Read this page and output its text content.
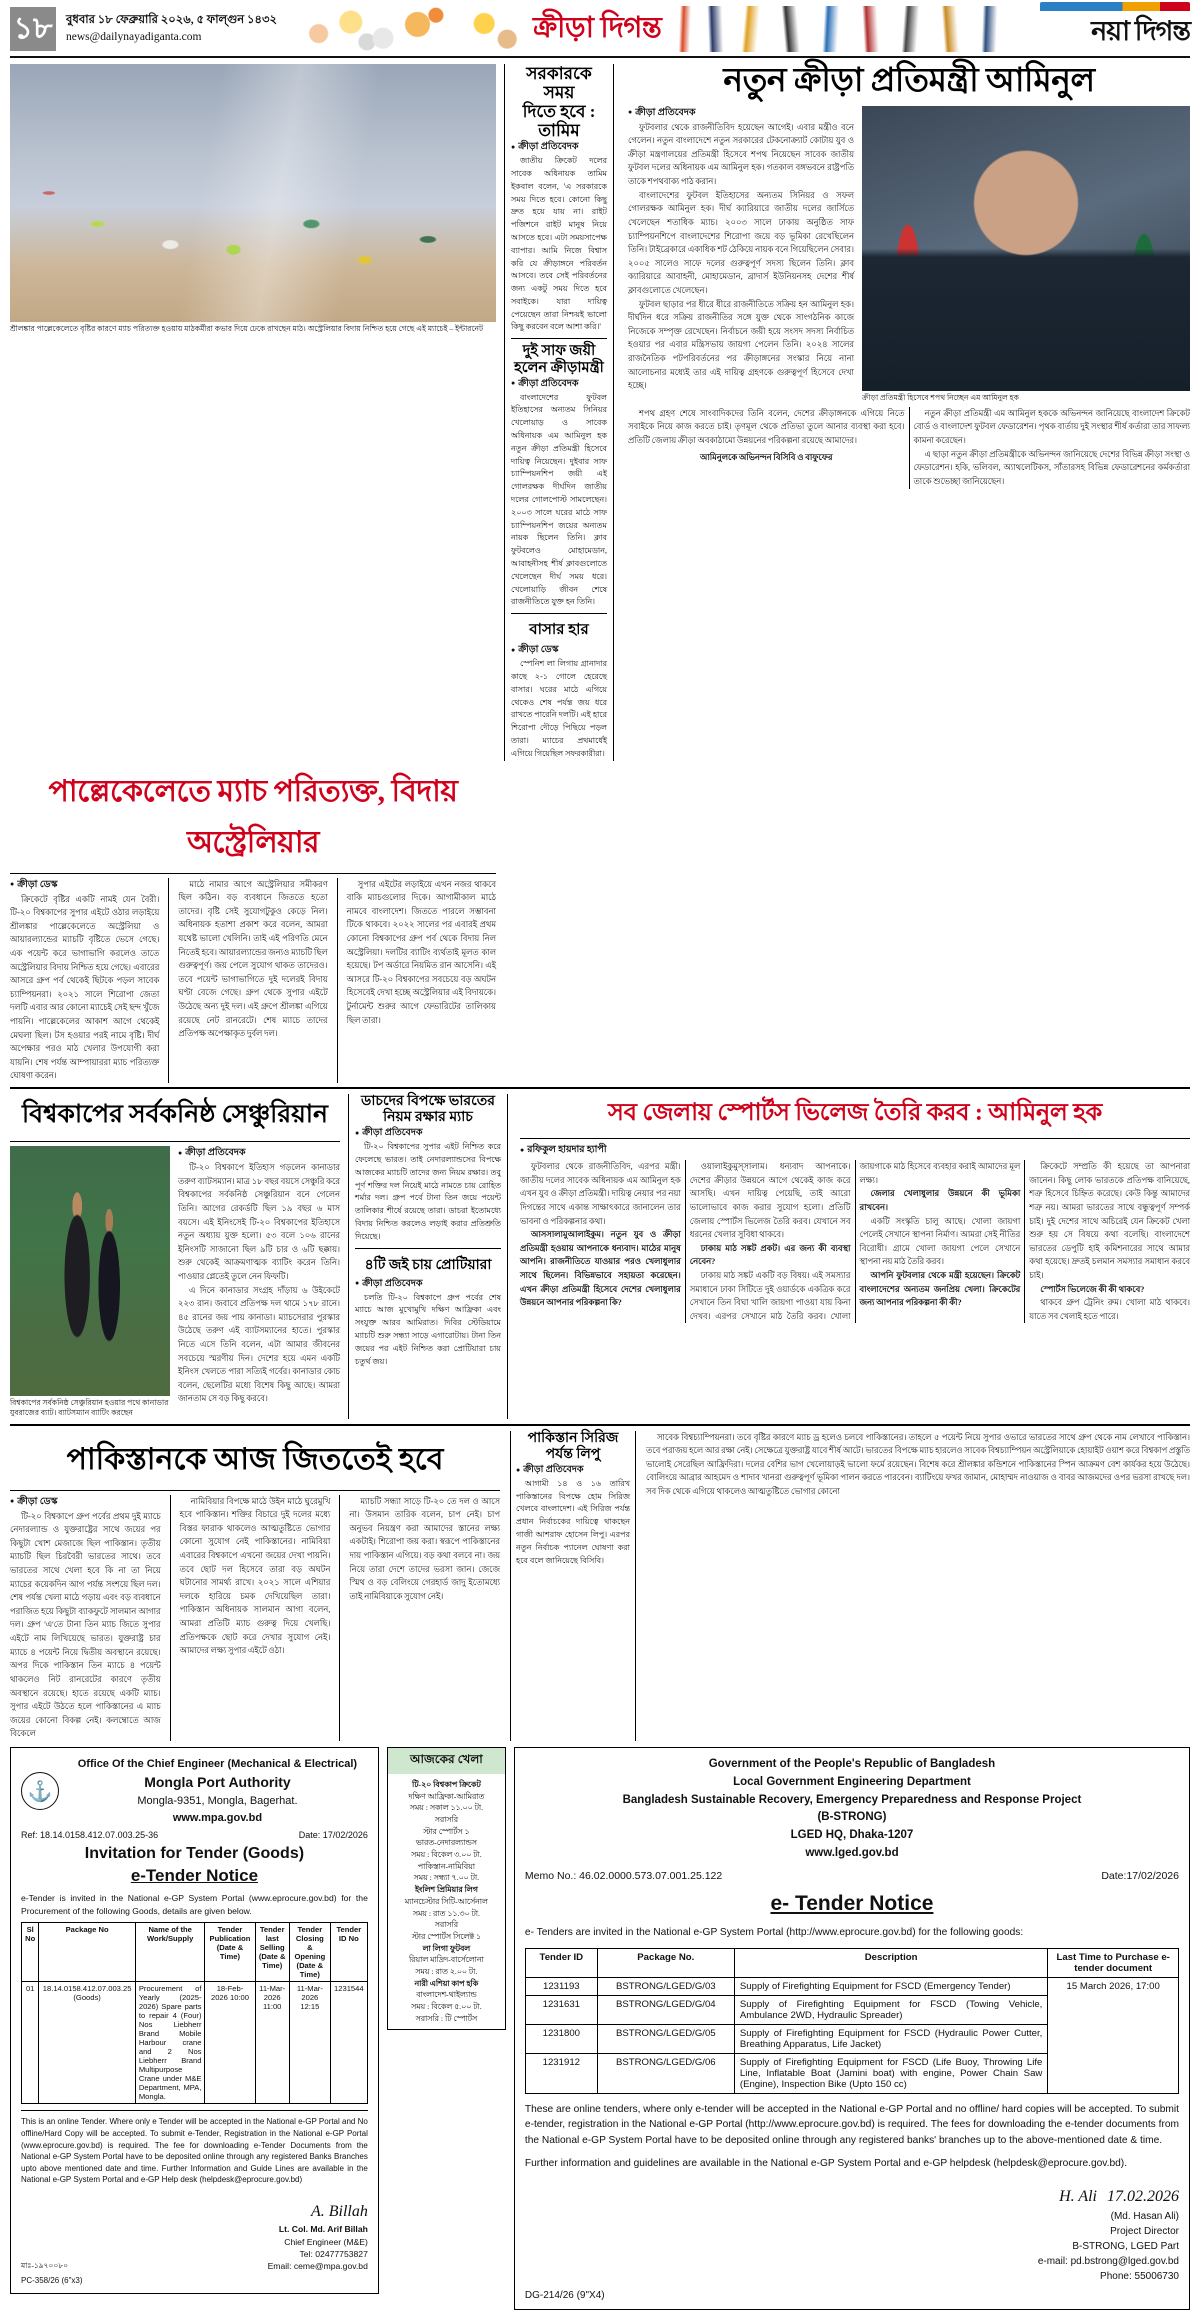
১৮	বুধবার ১৮ ফেব্রুয়ারি ২০২৬, ৫ ফাল্গুন ১৪৩২
news@dailynayadiganta.com	ক্রীড়া দিগন্ত	নয়া দিগন্ত
শ্রীলঙ্কার পাল্লেকেলেতে বৃষ্টির কারণে ম্যাচ পরিত্যক্ত হওয়ায় মাঠকর্মীরা কভার দিয়ে ঢেকে রাখছেন মাঠ। অস্ট্রেলিয়ার বিদায় নিশ্চিত হয়ে গেছে এই ম্যাচেই – ইন্টারনেট
সরকারকে সময়
দিতে হবে : তামিম
● ক্রীড়া প্রতিবেদক

জাতীয় ক্রিকেট দলের সাবেক অধিনায়ক তামিম ইকবাল বলেন, 'এ সরকারকে সময় দিতে হবে। কোনো কিছু দ্রুত হয়ে যায় না। রাইট পজিশনে রাইট মানুষ নিয়ে আসতে হবে। এটা সময়সাপেক্ষ ব্যাপার। আমি নিজে বিশ্বাস করি যে ক্রীড়াঙ্গনে পরিবর্তন আসবে। তবে সেই পরিবর্তনের জন্য একটু সময় দিতে হবে সবাইকে। যারা দায়িত্ব পেয়েছেন তারা নিশ্চয়ই ভালো কিছু করবেন বলে আশা করি।'

দুই সাফ জয়ী
হলেন ক্রীড়ামন্ত্রী
● ক্রীড়া প্রতিবেদক

বাংলাদেশের ফুটবল ইতিহাসের অন্যতম সিনিয়র খেলোয়াড় ও সাবেক অধিনায়ক এম আমিনুল হক নতুন ক্রীড়া প্রতিমন্ত্রী হিসেবে দায়িত্ব নিয়েছেন। দুইবার সাফ চ্যাম্পিয়নশিপ জয়ী এই গোলরক্ষক দীর্ঘদিন জাতীয় দলের গোলপোস্ট সামলেছেন। ২০০৩ সালে ঘরের মাঠে সাফ চ্যাম্পিয়নশিপ জয়ের অন্যতম নায়ক ছিলেন তিনি। ক্লাব ফুটবলেও মোহামেডান, আবাহনীসহ শীর্ষ ক্লাবগুলোতে খেলেছেন দীর্ঘ সময় ধরে। খেলোয়াড়ি জীবন শেষে রাজনীতিতে যুক্ত হন তিনি।

বাসার হার
● ক্রীড়া ডেস্ক

স্পেনিশ লা লিগায় গ্রানাদার কাছে ২-১ গোলে হেরেছে বাসার। ঘরের মাঠে এগিয়ে থেকেও শেষ পর্যন্ত জয় ধরে রাখতে পারেনি দলটি। এই হারে শিরোপা দৌড়ে পিছিয়ে পড়ল তারা। ম্যাচের প্রথমার্ধেই এগিয়ে গিয়েছিল সফরকারীরা।

নতুন ক্রীড়া প্রতিমন্ত্রী আমিনুল
● ক্রীড়া প্রতিবেদক

ফুটবলার থেকে রাজনীতিবিদ হয়েছেন আগেই। এবার মন্ত্রীও বনে গেলেন। নতুন বাংলাদেশে নতুন সরকারের টেকনোক্র্যাট কোটায় যুব ও ক্রীড়া মন্ত্রণালয়ের প্রতিমন্ত্রী হিসেবে শপথ নিয়েছেন সাবেক জাতীয় ফুটবল দলের অধিনায়ক এম আমিনুল হক। গতকাল বঙ্গভবনে রাষ্ট্রপতি তাকে শপথবাক্য পাঠ করান।

বাংলাদেশের ফুটবল ইতিহাসের অন্যতম সিনিয়র ও সফল গোলরক্ষক আমিনুল হক। দীর্ঘ ক্যারিয়ারে জাতীয় দলের জার্সিতে খেলেছেন শতাধিক ম্যাচ। ২০০৩ সালে ঢাকায় অনুষ্ঠিত সাফ চ্যাম্পিয়নশিপে বাংলাদেশের শিরোপা জয়ে বড় ভূমিকা রেখেছিলেন তিনি। টাইব্রেকারে একাধিক শট ঠেকিয়ে নায়ক বনে গিয়েছিলেন সেবার। ২০০৫ সালেও সাফে দলের গুরুত্বপূর্ণ সদস্য ছিলেন তিনি। ক্লাব ক্যারিয়ারে আবাহনী, মোহামেডান, ব্রাদার্স ইউনিয়নসহ দেশের শীর্ষ ক্লাবগুলোতে খেলেছেন।

ফুটবল ছাড়ার পর ধীরে ধীরে রাজনীতিতে সক্রিয় হন আমিনুল হক। দীর্ঘদিন ধরে সক্রিয় রাজনীতির সঙ্গে যুক্ত থেকে সাংগঠনিক কাজে নিজেকে সম্পৃক্ত রেখেছেন। নির্বাচনে জয়ী হয়ে সংসদ সদস্য নির্বাচিত হওয়ার পর এবার মন্ত্রিসভায় জায়গা পেলেন তিনি। ২০২৪ সালের রাজনৈতিক পটপরিবর্তনের পর ক্রীড়াঙ্গনের সংস্কার নিয়ে নানা আলোচনার মধ্যেই তার এই দায়িত্ব গ্রহণকে গুরুত্বপূর্ণ হিসেবে দেখা হচ্ছে।

ক্রীড়া প্রতিমন্ত্রী হিসেবে শপথ নিচ্ছেন এম আমিনুল হক

শপথ গ্রহণ শেষে সাংবাদিকদের তিনি বলেন, দেশের ক্রীড়াঙ্গনকে এগিয়ে নিতে সবাইকে নিয়ে কাজ করতে চাই। তৃণমূল থেকে প্রতিভা তুলে আনার ব্যবস্থা করা হবে। প্রতিটি জেলায় ক্রীড়া অবকাঠামো উন্নয়নের পরিকল্পনা রয়েছে আমাদের।

আমিনুলকে অভিনন্দন বিসিবি ও বাফুফের

নতুন ক্রীড়া প্রতিমন্ত্রী এম আমিনুল হককে অভিনন্দন জানিয়েছে বাংলাদেশ ক্রিকেট বোর্ড ও বাংলাদেশ ফুটবল ফেডারেশন। পৃথক বার্তায় দুই সংস্থার শীর্ষ কর্তারা তার সাফল্য কামনা করেছেন।

এ ছাড়া নতুন ক্রীড়া প্রতিমন্ত্রীকে অভিনন্দন জানিয়েছে দেশের বিভিন্ন ক্রীড়া সংস্থা ও ফেডারেশন। হকি, ভলিবল, অ্যাথলেটিকস, সাঁতারসহ বিভিন্ন ফেডারেশনের কর্মকর্তারা তাকে শুভেচ্ছা জানিয়েছেন।

পাল্লেকেলেতে ম্যাচ পরিত্যক্ত, বিদায় অস্ট্রেলিয়ার
● ক্রীড়া ডেস্ক

ক্রিকেটে বৃষ্টির একটি নামই যেন বৈরী। টি-২০ বিশ্বকাপের সুপার এইটে ওঠার লড়াইয়ে শ্রীলঙ্কার পাল্লেকেলেতে অস্ট্রেলিয়া ও আয়ারল্যান্ডের ম্যাচটি বৃষ্টিতে ভেসে গেছে। এক পয়েন্ট করে ভাগাভাগি করলেও তাতে অস্ট্রেলিয়ার বিদায় নিশ্চিত হয়ে গেছে। এবারের আসরে গ্রুপ পর্ব থেকেই ছিটকে পড়ল সাবেক চ্যাম্পিয়নরা। ২০২১ সালে শিরোপা জেতা দলটি এবার আর কোনো ম্যাচেই সেই ছন্দ খুঁজে পায়নি। পাল্লেকেলের আকাশ আগে থেকেই মেঘলা ছিল। টস হওয়ার পরই নামে বৃষ্টি। দীর্ঘ অপেক্ষার পরও মাঠ খেলার উপযোগী করা যায়নি। শেষ পর্যন্ত আম্পায়াররা ম্যাচ পরিত্যক্ত ঘোষণা করেন।

মাঠে নামার আগে অস্ট্রেলিয়ার সমীকরণ ছিল কঠিন। বড় ব্যবধানে জিততে হতো তাদের। বৃষ্টি সেই সুযোগটুকুও কেড়ে নিল। অধিনায়ক হতাশা প্রকাশ করে বলেন, আমরা যথেষ্ট ভালো খেলিনি। তাই এই পরিণতি মেনে নিতেই হবে। আয়ারল্যান্ডের জন্যও ম্যাচটি ছিল গুরুত্বপূর্ণ। জয় পেলে সুযোগ থাকত তাদেরও। তবে পয়েন্ট ভাগাভাগিতে দুই দলেরই বিদায় ঘণ্টা বেজে গেছে। গ্রুপ থেকে সুপার এইটে উঠেছে অন্য দুই দল। এই গ্রুপে শ্রীলঙ্কা এগিয়ে রয়েছে নেট রানরেটে। শেষ ম্যাচে তাদের প্রতিপক্ষ অপেক্ষাকৃত দুর্বল দল।

সুপার এইটের লড়াইয়ে এখন নজর থাকবে বাকি ম্যাচগুলোর দিকে। আগামীকাল মাঠে নামবে বাংলাদেশ। জিততে পারলে সম্ভাবনা টিকে থাকবে। ২০২২ সালের পর এবারই প্রথম কোনো বিশ্বকাপের গ্রুপ পর্ব থেকে বিদায় নিল অস্ট্রেলিয়া। দলটির ব্যাটিং ব্যর্থতাই মূলত কাল হয়েছে। টপ অর্ডারে নিয়মিত রান আসেনি। এই আসরে টি-২০ বিশ্বকাপের সবচেয়ে বড় অঘটন হিসেবেই দেখা হচ্ছে অস্ট্রেলিয়ার এই বিদায়কে। টুর্নামেন্ট শুরুর আগে ফেভারিটের তালিকায় ছিল তারা।

বিশ্বকাপের সর্বকনিষ্ঠ সেঞ্চুরিয়ান
বিশ্বকাপের সর্বকনিষ্ঠ সেঞ্চুরিয়ান হওয়ার পথে কানাডার যুবরাজের ব্যাট। ব্যাটসম্যান ব্যাটিং করছেন
● ক্রীড়া প্রতিবেদক

টি-২০ বিশ্বকাপে ইতিহাস গড়লেন কানাডার তরুণ ব্যাটসম্যান। মাত্র ১৮ বছর বয়সে সেঞ্চুরি করে বিশ্বকাপের সর্বকনিষ্ঠ সেঞ্চুরিয়ান বনে গেলেন তিনি। আগের রেকর্ডটি ছিল ১৯ বছর ৬ মাস বয়সে। এই ইনিংসেই টি-২০ বিশ্বকাপের ইতিহাসে নতুন অধ্যায় যুক্ত হলো। ৫৩ বলে ১০৬ রানের ইনিংসটি সাজানো ছিল ৯টি চার ও ৬টি ছক্কায়। শুরু থেকেই আক্রমণাত্মক ব্যাটিং করেন তিনি। পাওয়ার প্লেতেই তুলে নেন ফিফটি।

এ দিনে কানাডার সংগ্রহ দাঁড়ায় ৬ উইকেটে ২২৩ রান। জবাবে প্রতিপক্ষ দল থামে ১৭৮ রানে। ৪৫ রানের জয় পায় কানাডা। ম্যাচসেরার পুরস্কার উঠেছে তরুণ এই ব্যাটসম্যানের হাতে। পুরস্কার নিতে এসে তিনি বলেন, এটা আমার জীবনের সবচেয়ে স্মরণীয় দিন। দেশের হয়ে এমন একটি ইনিংস খেলতে পারা সত্যিই গর্বের। কানাডার কোচ বলেন, ছেলেটির মধ্যে বিশেষ কিছু আছে। আমরা জানতাম সে বড় কিছু করবে।

ডাচদের বিপক্ষে ভারতের
নিয়ম রক্ষার ম্যাচ
● ক্রীড়া প্রতিবেদক

টি-২০ বিশ্বকাপের সুপার এইট নিশ্চিত করে ফেলেছে ভারত। তাই নেদারল্যান্ডসের বিপক্ষে আজকের ম্যাচটি তাদের জন্য নিয়ম রক্ষার। তবু পূর্ণ শক্তির দল নিয়েই মাঠে নামতে চায় রোহিত শর্মার দল। গ্রুপ পর্বে টানা তিন জয়ে পয়েন্ট তালিকার শীর্ষে রয়েছে তারা। ডাচরা ইতোমধ্যে বিদায় নিশ্চিত করলেও লড়াই করার প্রতিশ্রুতি দিয়েছে।

৪টি জই চায় প্রোটিয়ারা
● ক্রীড়া প্রতিবেদক

চলতি টি-২০ বিশ্বকাপে গ্রুপ পর্বের শেষ ম্যাচে আজ মুখোমুখি দক্ষিণ আফ্রিকা এবং সংযুক্ত আরব আমিরাত। দিবির স্টেডিয়ামে ম্যাচটি শুরু সন্ধ্যা সাড়ে এগারোটায়। টানা তিন জয়ের পর এইট নিশ্চিত করা প্রোটিয়ারা চায় চতুর্থ জয়।

সব জেলায় স্পোর্টস ভিলেজ তৈরি করব : আমিনুল হক
● রফিকুল হায়দার হ্যাপী

ফুটবলার থেকে রাজনীতিবিদ, এরপর মন্ত্রী। জাতীয় দলের সাবেক অধিনায়ক এম আমিনুল হক এখন যুব ও ক্রীড়া প্রতিমন্ত্রী। দায়িত্ব নেয়ার পর নয়া দিগন্তের সাথে একান্ত সাক্ষাৎকারে জানালেন তার ভাবনা ও পরিকল্পনার কথা।

আসসালামুআলাইকুম। নতুন যুব ও ক্রীড়া প্রতিমন্ত্রী হওয়ায় আপনাকে ধন্যবাদ। মাঠের মানুষ আপনি। রাজনীতিতে যাওয়ার পরও খেলাধুলার সাথে ছিলেন। বিভিন্নভাবে সহায়তা করেছেন। এখন ক্রীড়া প্রতিমন্ত্রী হিসেবে দেশের খেলাধুলার উন্নয়নে আপনার পরিকল্পনা কি?

ওয়ালাইকুমুস্সালাম। ধন্যবাদ আপনাকে। দেশের ক্রীড়ার উন্নয়নে আগে থেকেই কাজ করে আসছি। এখন দায়িত্ব পেয়েছি, তাই আরো ভালোভাবে কাজ করার সুযোগ হলো। প্রতিটি জেলায় স্পোর্টস ভিলেজ তৈরি করব। যেখানে সব ধরনের খেলার সুবিধা থাকবে।

ঢাকায় মাঠ সঙ্কট প্রকট। এর জন্য কী ব্যবস্থা নেবেন?

ঢাকায় মাঠ সঙ্কট একটি বড় বিষয়। এই সমস্যার সমাধানে ঢাকা সিটিতে দুই ওয়ার্ডকে একত্রিক করে সেখানে তিন বিঘা খালি জায়গা পাওয়া যায় কিনা দেখব। এরপর সেখানে মাঠ তৈরি করব। খোলা জায়গাকে মাঠ হিসেবে ব্যবহার করাই আমাদের মূল লক্ষ্য।

জেলার খেলাধুলার উন্নয়নে কী ভূমিকা রাখবেন।

একটি সংস্কৃতি চালু আছে। খোলা জায়গা পেলেই সেখানে স্থাপনা নির্মাণ। আমরা সেই নীতির বিরোধী। গ্রামে খোলা জায়গা পেলে সেখানে স্থাপনা নয় মাঠ তৈরি করব।

আপনি ফুটবলার থেকে মন্ত্রী হয়েছেন। ক্রিকেট বাংলাদেশের অন্যতম জনপ্রিয় খেলা। ক্রিকেটের জন্য আপনার পরিকল্পনা কী কী?

ক্রিকেটে সম্প্রতি কী হয়েছে তা আপনারা জানেন। কিছু লোক ভারতকে প্রতিপক্ষ বানিয়েছে, শত্রু হিসেবে চিহ্নিত করেছে। কেউ কিন্তু আমাদের শত্রু নয়। আমরা ভারতের সাথে বন্ধুত্বপূর্ণ সম্পর্ক চাই। দুই দেশের সাথে অচিরেই যেন ক্রিকেট খেলা শুরু হয় সে বিষয়ে কথা বলেছি। বাংলাদেশে ভারতের ডেপুটি হাই কমিশনারের সাথে আমার কথা হয়েছে। দ্রুতই চলমান সমস্যার সমাধান করবে চাই।

স্পোর্টস ভিলেজে কী কী থাকবে?

থাকবে গ্রুপ ট্রেনিং রুম। খোলা মাঠ থাকবে। যাতে সব খেলাই হতে পারে।

পাকিস্তানকে আজ জিততেই হবে
● ক্রীড়া ডেস্ক

টি-২০ বিশ্বকাপে গ্রুপ পর্বের প্রথম দুই ম্যাচে নেদারল্যান্ড ও যুক্তরাষ্ট্রের সাথে জয়ের পর কিছুটা খোশ মেজাজে ছিল পাকিস্তান। তৃতীয় ম্যাচটি ছিল চিরবৈরী ভারতের সাথে। তবে ভারতের সাথে খেলা হবে কি না তা নিয়ে ম্যাচের কয়েকদিন আগ পর্যন্ত সংশয়ে ছিল দল। শেষ পর্যন্ত খেলা মাঠে গড়ায় এবং বড় ব্যবধানে পরাজিত হয়ে কিছুটা ব্যাকফুটে সালমান আগার দল। গ্রুপ 'এ'তে টানা তিন ম্যাচ জিতে সুপার এইটে নাম লিখিয়েছে ভারত। যুক্তরাষ্ট্র চার ম্যাচে ৪ পয়েন্ট নিয়ে দ্বিতীয় অবস্থানে রয়েছে। অপর দিকে পাকিস্তান তিন ম্যাচে ৪ পয়েন্ট থাকলেও নিট রানরেটের কারণে তৃতীয় অবস্থানে রয়েছে। হাতে রয়েছে একটি ম্যাচ। সুপার এইটে উঠতে হলে পাকিস্তানের এ ম্যাচ জয়ের কোনো বিকল্প নেই। কলম্বোতে আজ বিকেলে

নামিবিয়ার বিপক্ষে মাঠে উইন মাঠে ঘুরেমুখি হবে পাকিস্তান। শক্তির বিচারে দুই দলের মধ্যে বিস্তর ফারাক থাকলেও আত্মতুষ্টিতে ভোগার কোনো সুযোগ নেই পাকিস্তানের। নামিবিয়া এবারের বিশ্বকাপে এখনো জয়ের দেখা পায়নি। তবে ছোট দল হিসেবে তারা বড় অঘটন ঘটানোর সামর্থ্য রাখে। ২০২১ সালে এশিয়ার দলকে হারিয়ে চমক দেখিয়েছিল তারা। পাকিস্তান অধিনায়ক সালমান আগা বলেন, আমরা প্রতিটি ম্যাচ গুরুত্ব দিয়ে খেলছি। প্রতিপক্ষকে ছোট করে দেখার সুযোগ নেই। আমাদের লক্ষ্য সুপার এইটে ওঠা।

ম্যাচটি সন্ধ্যা সাড়ে টি-২০ তে দল ও আসে না। উসমান তারিক বলেন, চাপ নেই। চাপ অনুভব নিয়ন্ত্রণ করা আমাদের স্তানের লক্ষ্য একটাই। শিরোপা জয় করা। স্বরূপে পাকিস্তানের দায় পাকিস্তান এগিয়ে। বড় কথা বলবে না। জয় নিয়ে তারা দেশে তাদের ভরসা জান। জেজে স্মিথ ও বড় বেলিংয়ে গেরহার্ড জাদু ইতোমধ্যে তাই নামিবিয়াকে সুযোগ নেই।

পাকিস্তান সিরিজ
পর্যন্ত লিপু
● ক্রীড়া প্রতিবেদক

আগামী ১৪ ও ১৬ তারিখ পাকিস্তানের বিপক্ষে হোম সিরিজ খেলবে বাংলাদেশ। এই সিরিজ পর্যন্ত প্রধান নির্বাচকের দায়িত্বে থাকছেন গাজী আশরাফ হোসেন লিপু। এরপর নতুন নির্বাচক প্যানেল ঘোষণা করা হবে বলে জানিয়েছে বিসিবি।

সাবেক বিশ্বচ্যাম্পিয়নরা। তবে বৃষ্টির কারণে ম্যাচ ড্র হলেও চলবে পাকিস্তানের। তাহলে ৫ পয়েন্ট নিয়ে সুপার ওভারে ভারতের সাথে গ্রুপ থেকে নাম লেখাবে পাকিস্তান। তবে পরাজয় হলে আর রক্ষা নেই। সেক্ষেত্রে যুক্তরাষ্ট্র যাবে শীর্ষ আটে। ভারতের বিপক্ষে ম্যাচ হারলেও সাবেক বিশ্বচ্যাম্পিয়ন অস্ট্রেলিয়াকে হোয়াইট ওয়াশ করে বিশ্বকাপ প্রস্তুতি ভালোই সেরেছিল আফ্রিদিরা। দলের বেশির ভাগ খেলোয়াড়ই ভালো ফর্মে রয়েছেন। বিশেষ করে শ্রীলঙ্কার কন্ডিশনে পাকিস্তানের স্পিন আক্রমণ বেশ কার্যকর হয়ে উঠেছে। বোলিংয়ে আব্রার আহমেদ ও শাদাব খানরা গুরুত্বপূর্ণ ভূমিকা পালন করতে পারবেন। ব্যাটিংয়ে ফখর জামান, মোহাম্মদ নাওয়াজ ও বাবর আজমদের ওপর ভরসা রাখছে দল। সব দিক থেকে এগিয়ে থাকলেও আত্মতুষ্টিতে ভোগার কোনো

⚓
Office Of the Chief Engineer (Mechanical & Electrical)
Mongla Port Authority
Mongla-9351, Mongla, Bagerhat.
www.mpa.gov.bd
Ref: 18.14.0158.412.07.003.25-36	Date: 17/02/2026
Invitation for Tender (Goods)
e-Tender Notice
e-Tender is invited in the National e-GP System Portal (www.eprocure.gov.bd) for the Procurement of the following Goods, details are given below.
Sl No	Package No	Name of the Work/Supply	Tender Publication (Date & Time)	Tender last Selling (Date & Time)	Tender Closing & Opening (Date & Time)	Tender ID No
01	18.14.0158.412.07.003.25 (Goods)	Procurement of Yearly (2025-2026) Spare parts to repair 4 (Four) Nos Liebherr Brand Mobile Harbour crane and 2 Nos Liebherr Brand Multipurpose Crane under M&E Department, MPA, Mongla.	18-Feb-2026 10:00	11-Mar-2026 11:00	11-Mar-2026 12:15	1231544
This is an online Tender. Where only e Tender will be accepted in the National e-GP Portal and No offline/Hard Copy will be accepted. To submit e-Tender, Registration in the National e-GP Portal (www.eprocure.gov.bd) is required. The fee for downloading e-Tender Documents from the National e-GP System Portal have to be deposited online through any registered Banks Branches upto above mentioned date and time. Further Information and Guide Lines are available in the National e-GP System Portal and e-GP Help desk (helpdesk@eprocure.gov.bd)
মাঃ-১৯৭০০৮০
A. Billah
Lt. Col. Md. Arif Billah
Chief Engineer (M&E)
Tel: 02477753827
Email: ceme@mpa.gov.bd
PC-358/26 (6"x3)
আজকের খেলা
টি-২০ বিশ্বকাপ ক্রিকেট
দক্ষিণ আফ্রিকা-আমিরাত
সময় : সকাল ১১.০০ টা.
সরাসরি
স্টার স্পোর্টস ১
ভারত-নেদারল্যান্ডস
সময় : বিকেল ৩.০০ টা.
পাকিস্তান-নামিবিয়া
সময় : সন্ধ্যা ৭.০০ টা.
ইংলিশ প্রিমিয়ার লিগ
ম্যানচেস্টার সিটি-আর্সেনাল
সময় : রাত ১১.৩০ টা.
সরাসরি
স্টার স্পোর্টস সিলেক্ট ১
লা লিগা ফুটবল
রিয়াল মাদ্রিদ-বার্সেলোনা
সময় : রাত ২.০০ টা.
নারী এশিয়া কাপ হকি
বাংলাদেশ-থাইল্যান্ড
সময় : বিকেল ৫.০০ টা.
সরাসরি : টি স্পোর্টস
Government of the People's Republic of Bangladesh
Local Government Engineering Department
Bangladesh Sustainable Recovery, Emergency Preparedness and Response Project
(B-STRONG)
LGED HQ, Dhaka-1207
www.lged.gov.bd
Memo No.: 46.02.0000.573.07.001.25.122	Date:17/02/2026
e- Tender Notice
e- Tenders are invited in the National e-GP System Portal (http://www.eprocure.gov.bd) for the following goods:
Tender ID	Package No.	Description	Last Time to Purchase e-tender document
1231193	BSTRONG/LGED/G/03	Supply of Firefighting Equipment for FSCD (Emergency Tender)	15 March 2026, 17:00
1231631	BSTRONG/LGED/G/04	Supply of Firefighting Equipment for FSCD (Towing Vehicle, Ambulance 2WD, Hydraulic Spreader)	
1231800	BSTRONG/LGED/G/05	Supply of Firefighting Equipment for FSCD (Hydraulic Power Cutter, Breathing Apparatus, Life Jacket)	
1231912	BSTRONG/LGED/G/06	Supply of Firefighting Equipment for FSCD (Life Buoy, Throwing Life Line, Inflatable Boat (Jamini boat) with engine, Power Chain Saw (Engine), Inspection Bike (Upto 150 cc)	
These are online tenders, where only e-tender will be accepted in the National e-GP Portal and no offline/ hard copies will be accepted. To submit e-tender, registration in the National e-GP Portal (http://www.eprocure.gov.bd) is required. The fees for downloading the e-tender documents from the National e-GP System Portal have to be deposited online through any registered banks' branches up to the above-mentioned date & time.
Further information and guidelines are available in the National e-GP System Portal and e-GP helpdesk (helpdesk@eprocure.gov.bd).
H. Ali 17.02.2026
(Md. Hasan Ali)
Project Director
B-STRONG, LGED Part
e-mail: pd.bstrong@lged.gov.bd
Phone: 55006730
DG-214/26 (9"X4)
